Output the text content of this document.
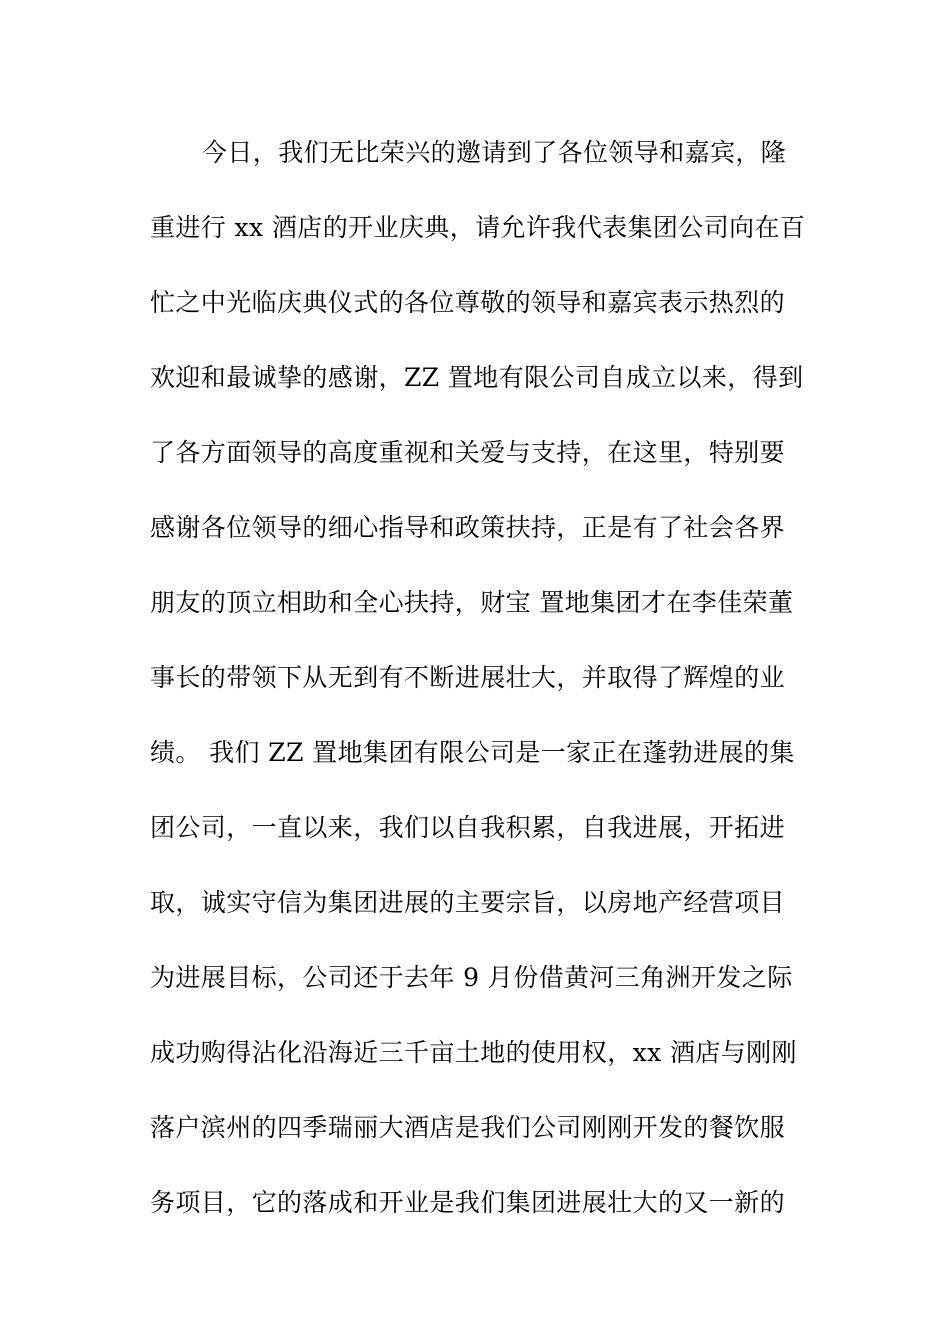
今日，我们无比荣兴的邀请到了各位领导和嘉宾，隆
重进行 xx 酒店的开业庆典，请允许我代表集团公司向在百
忙之中光临庆典仪式的各位尊敬的领导和嘉宾表示热烈的
欢迎和最诚挚的感谢，ZZ 置地有限公司自成立以来，得到
了各方面领导的高度重视和关爱与支持，在这里，特别要
感谢各位领导的细心指导和政策扶持，正是有了社会各界
朋友的顶立相助和全心扶持，财宝 置地集团才在李佳荣董
事长的带领下从无到有不断进展壮大，并取得了辉煌的业
绩。 我们 ZZ 置地集团有限公司是一家正在蓬勃进展的集
团公司，一直以来，我们以自我积累，自我进展，开拓进
取，诚实守信为集团进展的主要宗旨，以房地产经营项目
为进展目标，公司还于去年 9 月份借黄河三角洲开发之际
成功购得沾化沿海近三千亩土地的使用权，xx 酒店与刚刚
落户滨州的四季瑞丽大酒店是我们公司刚刚开发的餐饮服
务项目，它的落成和开业是我们集团进展壮大的又一新的
